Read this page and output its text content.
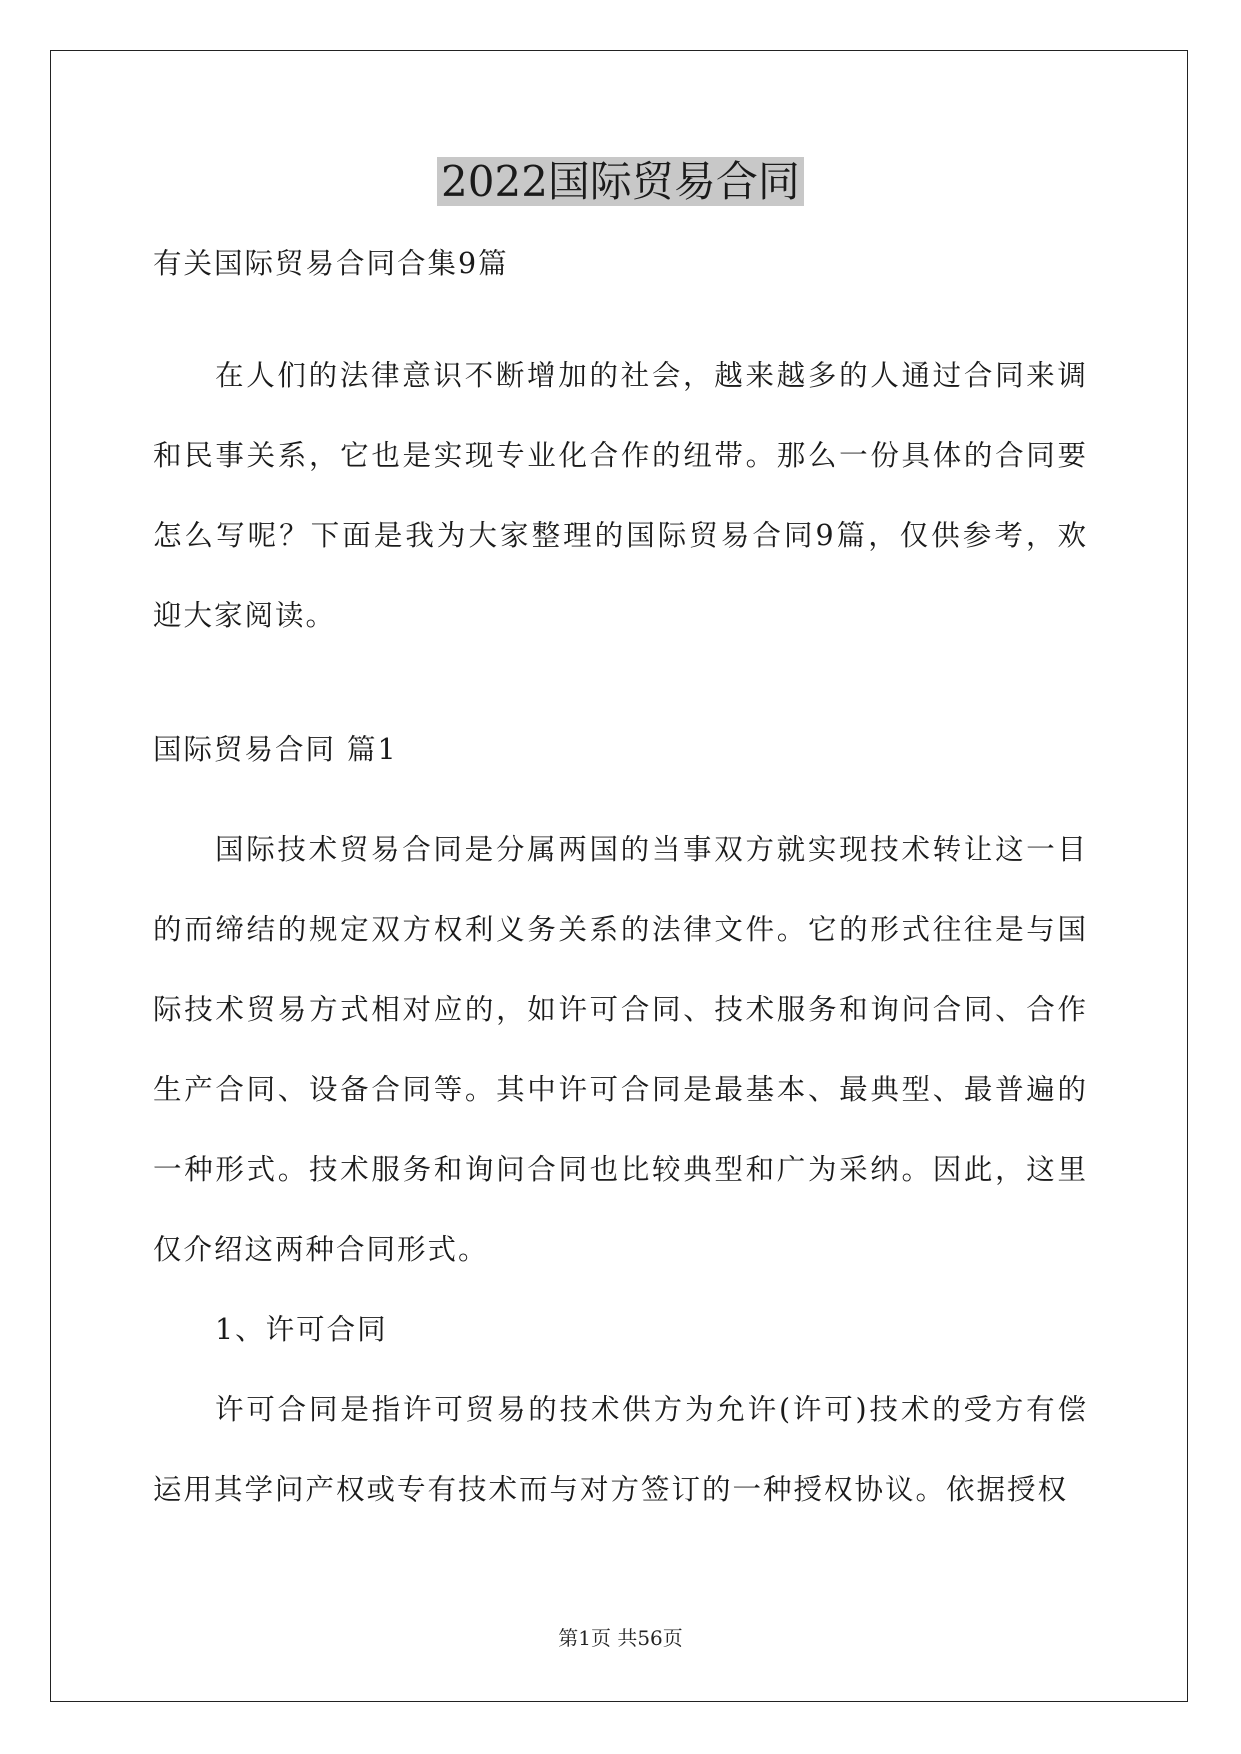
2022国际贸易合同

有关国际贸易合同合集9篇

在人们的法律意识不断增加的社会，越来越多的人通过合同来调和民事关系，它也是实现专业化合作的纽带。那么一份具体的合同要怎么写呢？下面是我为大家整理的国际贸易合同9篇，仅供参考，欢迎大家阅读。

国际贸易合同 篇1

国际技术贸易合同是分属两国的当事双方就实现技术转让这一目的而缔结的规定双方权利义务关系的法律文件。它的形式往往是与国际技术贸易方式相对应的，如许可合同、技术服务和询问合同、合作生产合同、设备合同等。其中许可合同是最基本、最典型、最普遍的一种形式。技术服务和询问合同也比较典型和广为采纳。因此，这里仅介绍这两种合同形式。

1、许可合同

许可合同是指许可贸易的技术供方为允许(许可)技术的受方有偿运用其学问产权或专有技术而与对方签订的一种授权协议。依据授权

第1页 共56页
